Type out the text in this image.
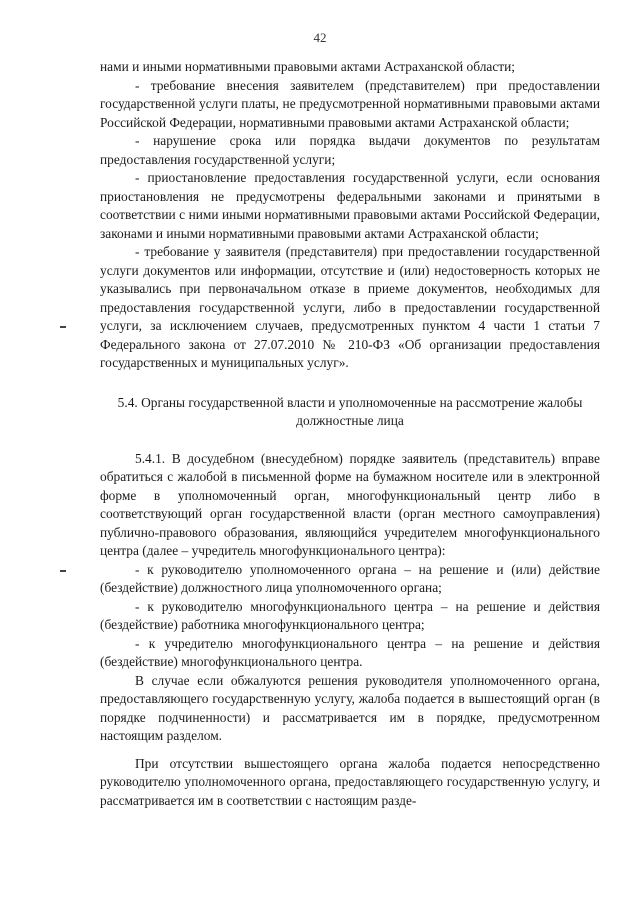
42

нами и иными нормативными правовыми актами Астраханской области;

- требование внесения заявителем (представителем) при предоставлении государственной услуги платы, не предусмотренной нормативными правовыми актами Российской Федерации, нормативными правовыми актами Астраханской области;

- нарушение срока или порядка выдачи документов по результатам предоставления государственной услуги;

- приостановление предоставления государственной услуги, если основания приостановления не предусмотрены федеральными законами и принятыми в соответствии с ними иными нормативными правовыми актами Российской Федерации, законами и иными нормативными правовыми актами Астраханской области;

- требование у заявителя (представителя) при предоставлении государственной услуги документов или информации, отсутствие и (или) недостоверность которых не указывались при первоначальном отказе в приеме документов, необходимых для предоставления государственной услуги, либо в предоставлении государственной услуги, за исключением случаев, предусмотренных пунктом 4 части 1 статьи 7 Федерального закона от 27.07.2010 № 210-ФЗ «Об организации предоставления государственных и муниципальных услуг».

5.4. Органы государственной власти и уполномоченные на рассмотрение жалобы должностные лица

5.4.1. В досудебном (внесудебном) порядке заявитель (представитель) вправе обратиться с жалобой в письменной форме на бумажном носителе или в электронной форме в уполномоченный орган, многофункциональный центр либо в соответствующий орган государственной власти (орган местного самоуправления) публично-правового образования, являющийся учредителем многофункционального центра (далее – учредитель многофункционального центра):

- к руководителю уполномоченного органа – на решение и (или) действие (бездействие) должностного лица уполномоченного органа;

- к руководителю многофункционального центра – на решение и действия (бездействие) работника многофункционального центра;

- к учредителю многофункционального центра – на решение и действия (бездействие) многофункционального центра.

В случае если обжалуются решения руководителя уполномоченного органа, предоставляющего государственную услугу, жалоба подается в вышестоящий орган (в порядке подчиненности) и рассматривается им в порядке, предусмотренном настоящим разделом.

При отсутствии вышестоящего органа жалоба подается непосредственно руководителю уполномоченного органа, предоставляющего государственную услугу, и рассматривается им в соответствии с настоящим разде-
